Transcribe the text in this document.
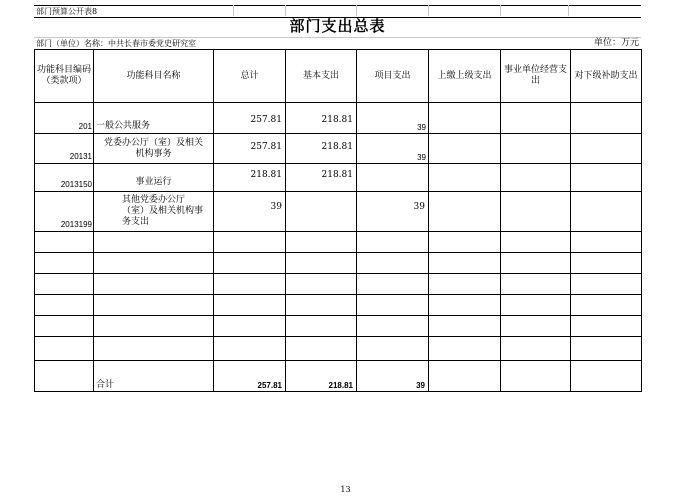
部门预算公开表8
部门支出总表
部门（单位）名称：中共长春市委党史研究室	单位：万元
功能科目编码（类款项）	功能科目名称	总计	基本支出	项目支出	上缴上级支出	事业单位经营支出	对下级补助支出
201	一般公共服务	257.81	218.81	39			
20131	党委办公厅（室）及相关机构事务	257.81	218.81	39			
2013150	事业运行	218.81	218.81				
2013199	其他党委办公厅（室）及相关机构事务支出	39		39			

	合计	257.81	218.81	39			
13
